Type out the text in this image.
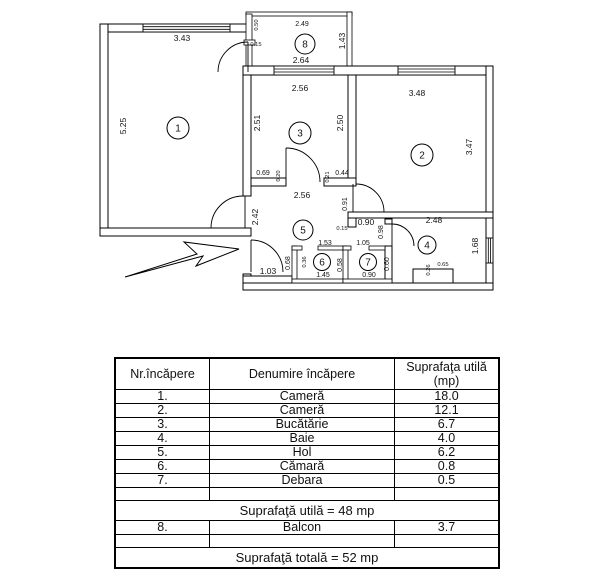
1
2
3
4
5
6	7
8
3.43
5.25
2.49
1.43
2.64
0.50
0.15
2.56
2.51	2.50
3.48
3.47
0.69 0.20	0.21 0.44
2.56
2.42
0.91
0.90
0.15	0.98
2.48
1.68
0.65
0.26
1.53
1.45
0.68	0.58
0.36
1.05
0.90
0.60
1.03
Nr.încăpere	Denumire încăpere	Suprafaţa utilă
(mp)

1.	Cameră	18.0
2.	Cameră	12.1
3.	Bucătărie	6.7
4.	Baie	4.0
5.	Hol	6.2
6.	Cămară	0.8
7.	Debara	0.5

Suprafaţă utilă = 48 mp		
8.	Balcon	3.7

Suprafaţă totală = 52 mp		
